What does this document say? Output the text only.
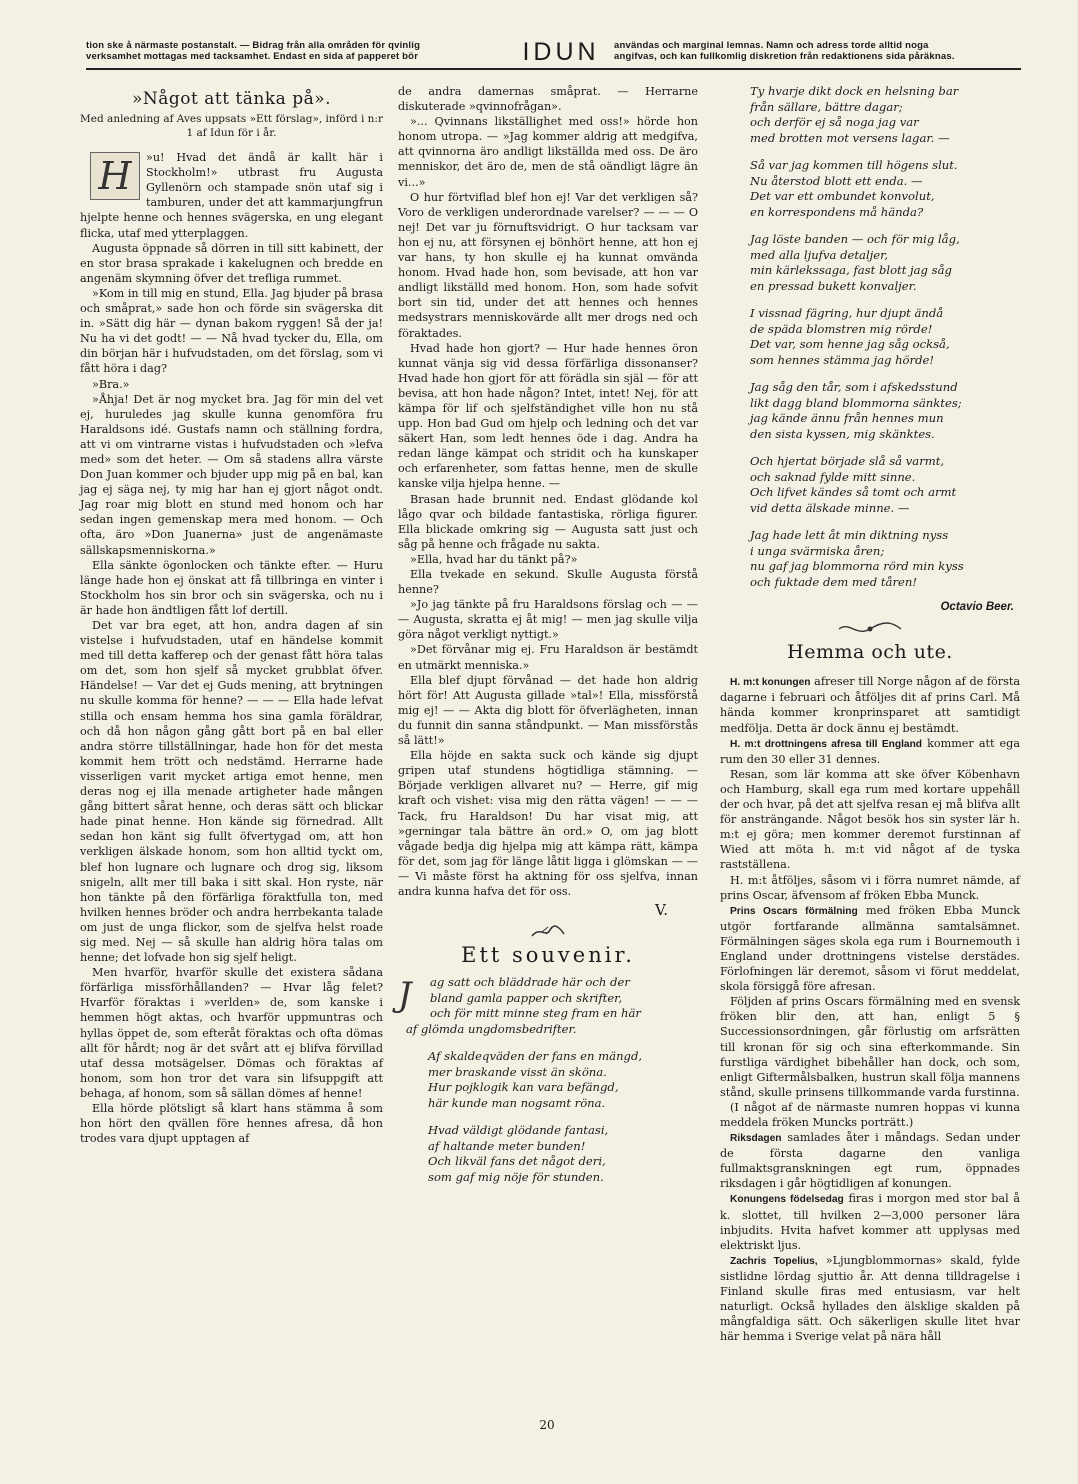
tion ske å närmaste postanstalt. — Bidrag från alla områden för qvinlig
verksamhet mottagas med tacksamhet. Endast en sida af papperet bör	IDUN	användas och marginal lemnas. Namn och adress torde alltid noga
angifvas, och kan fullkomlig diskretion från redaktionens sida påräknas.
»Något att tänka på».
Med anledning af Aves uppsats »Ett förslag», införd i n:r 1 af Idun för i år.
H	»u! Hvad det ändå är kallt här i Stockholm!» utbrast fru Augusta Gyllenörn och stampade snön utaf sig i tamburen, under det att kammarjungfrun hjelpte henne och hennes svägerska, en ung elegant flicka, utaf med ytterplaggen.

Augusta öppnade så dörren in till sitt kabinett, der en stor brasa sprakade i kakelugnen och bredde en angenäm skymning öfver det trefliga rummet.

»Kom in till mig en stund, Ella. Jag bjuder på brasa och småprat,» sade hon och förde sin svägerska dit in. »Sätt dig här — dynan bakom ryggen! Så der ja! Nu ha vi det godt! — — Nå hvad tycker du, Ella, om din början här i hufvudstaden, om det förslag, som vi fått höra i dag?

»Bra.»

»Åhja! Det är nog mycket bra. Jag för min del vet ej, huruledes jag skulle kunna genomföra fru Haraldsons idé. Gustafs namn och ställning fordra, att vi om vintrarne vistas i hufvudstaden och »lefva med» som det heter. — Om så stadens allra värste Don Juan kommer och bjuder upp mig på en bal, kan jag ej säga nej, ty mig har han ej gjort något ondt. Jag roar mig blott en stund med honom och har sedan ingen gemenskap mera med honom. — Och ofta, äro »Don Juanerna» just de angenämaste sällskapsmenniskorna.»

Ella sänkte ögonlocken och tänkte efter. — Huru länge hade hon ej önskat att få tillbringa en vinter i Stockholm hos sin bror och sin svägerska, och nu i är hade hon ändtligen fått lof dertill.

Det var bra eget, att hon, andra dagen af sin vistelse i hufvudstaden, utaf en händelse kommit med till detta kafferep och der genast fått höra talas om det, som hon sjelf så mycket grubblat öfver. Händelse! — Var det ej Guds mening, att brytningen nu skulle komma för henne? — — — Ella hade lefvat stilla och ensam hemma hos sina gamla föräldrar, och då hon någon gång gått bort på en bal eller andra större tillställningar, hade hon för det mesta kommit hem trött och nedstämd. Herrarne hade visserligen varit mycket artiga emot henne, men deras nog ej illa menade artigheter hade mången gång bittert sårat henne, och deras sätt och blickar hade pinat henne. Hon kände sig förnedrad. Allt sedan hon känt sig fullt öfvertygad om, att hon verkligen älskade honom, som hon alltid tyckt om, blef hon lugnare och lugnare och drog sig, liksom snigeln, allt mer till baka i sitt skal. Hon ryste, när hon tänkte på den förfärliga föraktfulla ton, med hvilken hennes bröder och andra herrbekanta talade om just de unga flickor, som de sjelfva helst roade sig med. Nej — så skulle han aldrig höra talas om henne; det lofvade hon sig sjelf heligt.

Men hvarför, hvarför skulle det existera sådana förfärliga missförhållanden? — Hvar låg felet? Hvarför föraktas i »verlden» de, som kanske i hemmen högt aktas, och hvarför uppmuntras och hyllas öppet de, som efteråt föraktas och ofta dömas allt för hårdt; nog är det svårt att ej blifva förvillad utaf dessa motsägelser. Dömas och föraktas af honom, som hon tror det vara sin lifsuppgift att behaga, af honom, som så sällan dömes af henne!

Ella hörde plötsligt så klart hans stämma å som hon hört den qvällen före hennes afresa, då hon trodes vara djupt upptagen af

de andra damernas småprat. — Herrarne diskuterade »qvinnofrågan».

»... Qvinnans likställighet med oss!» hörde hon honom utropa. — »Jag kommer aldrig att medgifva, att qvinnorna äro andligt likställda med oss. De äro menniskor, det äro de, men de stå oändligt lägre än vi...»

O hur förtviflad blef hon ej! Var det verkligen så? Voro de verkligen underordnade varelser? — — — O nej! Det var ju förnuftsvidrigt. O hur tacksam var hon ej nu, att försynen ej bönhört henne, att hon ej var hans, ty hon skulle ej ha kunnat omvända honom. Hvad hade hon, som bevisade, att hon var andligt likställd med honom. Hon, som hade sofvit bort sin tid, under det att hennes och hennes medsystrars menniskovärde allt mer drogs ned och föraktades.

Hvad hade hon gjort? — Hur hade hennes öron kunnat vänja sig vid dessa förfärliga dissonanser? Hvad hade hon gjort för att förädla sin själ — för att bevisa, att hon hade någon? Intet, intet! Nej, för att kämpa för lif och sjelfständighet ville hon nu stå upp. Hon bad Gud om hjelp och ledning och det var säkert Han, som ledt hennes öde i dag. Andra ha redan länge kämpat och stridit och ha kunskaper och erfarenheter, som fattas henne, men de skulle kanske vilja hjelpa henne. —

Brasan hade brunnit ned. Endast glödande kol lågo qvar och bildade fantastiska, rörliga figurer. Ella blickade omkring sig — Augusta satt just och såg på henne och frågade nu sakta.

»Ella, hvad har du tänkt på?»

Ella tvekade en sekund. Skulle Augusta förstå henne?

»Jo jag tänkte på fru Haraldsons förslag och — — — Augusta, skratta ej åt mig! — men jag skulle vilja göra något verkligt nyttigt.»

»Det förvånar mig ej. Fru Haraldson är bestämdt en utmärkt menniska.»

Ella blef djupt förvånad — det hade hon aldrig hört för! Att Augusta gillade »tal»! Ella, missförstå mig ej! — — Akta dig blott för öfverlägheten, innan du funnit din sanna ståndpunkt. — Man missförstås så lätt!»

Ella höjde en sakta suck och kände sig djupt gripen utaf stundens högtidliga stämning. — Började verkligen allvaret nu? — Herre, gif mig kraft och vishet: visa mig den rätta vägen! — — — Tack, fru Haraldson! Du har visat mig, att »gerningar tala bättre än ord.» O, om jag blott vågade bedja dig hjelpa mig att kämpa rätt, kämpa för det, som jag för länge låtit ligga i glömskan — — — Vi måste först ha aktning för oss sjelfva, innan andra kunna hafva det för oss.

V.
Ett souvenir.
J	ag satt och bläddrade här och der
bland gamla papper och skrifter,
och för mitt minne steg fram en här
af glömda ungdomsbedrifter.
Af skaldeqväden der fans en mängd,
mer braskande visst än sköna.
Hur pojklogik kan vara befängd,
här kunde man nogsamt röna.
Hvad väldigt glödande fantasi,
af haltande meter bunden!
Och likväl fans det något deri,
som gaf mig nöje för stunden.
Ty hvarje dikt dock en helsning bar
från sällare, bättre dagar;
och derför ej så noga jag var
med brotten mot versens lagar. —
Så var jag kommen till högens slut.
Nu återstod blott ett enda. —
Det var ett ombundet konvolut,
en korrespondens må hända?
Jag löste banden — och för mig låg,
med alla ljufva detaljer,
min kärlekssaga, fast blott jag såg
en pressad bukett konvaljer.
I vissnad fägring, hur djupt ändå
de späda blomstren mig rörde!
Det var, som henne jag såg också,
som hennes stämma jag hörde!
Jag såg den tår, som i afskedsstund
likt dagg bland blommorna sänktes;
jag kände ännu från hennes mun
den sista kyssen, mig skänktes.
Och hjertat började slå så varmt,
och saknad fylde mitt sinne.
Och lifvet kändes så tomt och armt
vid detta älskade minne. —
Jag hade lett åt min diktning nyss
i unga svärmiska åren;
nu gaf jag blommorna rörd min kyss
och fuktade dem med tåren!
Octavio Beer.
Hemma och ute.

H. m:t konungen afreser till Norge någon af de första dagarne i februari och åtföljes dit af prins Carl. Må hända kommer kronprinsparet att samtidigt medfölja. Detta är dock ännu ej bestämdt.

H. m:t drottningens afresa till England kommer att ega rum den 30 eller 31 dennes.

Resan, som lär komma att ske öfver Köbenhavn och Hamburg, skall ega rum med kortare uppehåll der och hvar, på det att sjelfva resan ej må blifva allt för ansträngande. Något besök hos sin syster lär h. m:t ej göra; men kommer deremot furstinnan af Wied att möta h. m:t vid något af de tyska rastställena.

H. m:t åtföljes, såsom vi i förra numret nämde, af prins Oscar, äfvensom af fröken Ebba Munck.

Prins Oscars förmälning med fröken Ebba Munck utgör fortfarande allmänna samtalsämnet. Förmälningen säges skola ega rum i Bournemouth i England under drottningens vistelse derstädes. Förlofningen lär deremot, såsom vi förut meddelat, skola försiggå före afresan.

Följden af prins Oscars förmälning med en svensk fröken blir den, att han, enligt 5 § Successionsordningen, går förlustig om arfsrätten till kronan för sig och sina efterkommande. Sin furstliga värdighet bibehåller han dock, och som, enligt Giftermålsbalken, hustrun skall följa mannens stånd, skulle prinsens tillkommande varda furstinna.

(I något af de närmaste numren hoppas vi kunna meddela fröken Muncks porträtt.)

Riksdagen samlades åter i måndags. Sedan under de första dagarne den vanliga fullmaktsgranskningen egt rum, öppnades riksdagen i går högtidligen af konungen.

Konungens födelsedag firas i morgon med stor bal å k. slottet, till hvilken 2—3,000 personer lära inbjudits. Hvita hafvet kommer att upplysas med elektriskt ljus.

Zachris Topelius, »Ljungblommornas» skald, fylde sistlidne lördag sjuttio år. Att denna tilldragelse i Finland skulle firas med entusiasm, var helt naturligt. Också hyllades den älsklige skalden på mångfaldiga sätt. Och säkerligen skulle litet hvar här hemma i Sverige velat på nära håll

20
